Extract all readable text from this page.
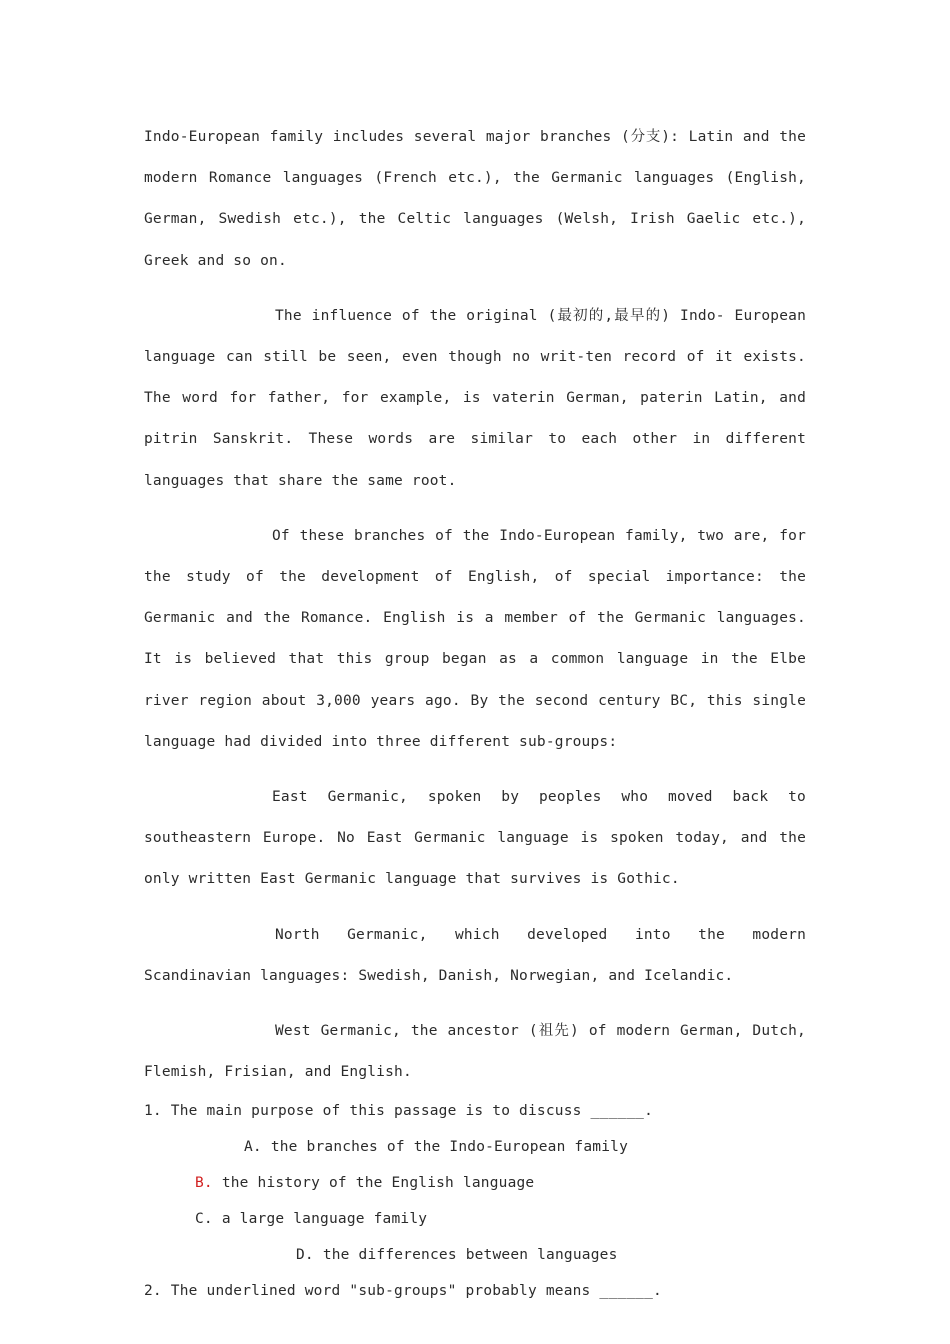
Indo-European family includes several major branches (分支): Latin and the modern Romance languages (French etc.), the Germanic languages (English, German, Swedish etc.), the Celtic languages (Welsh, Irish Gaelic etc.), Greek and so on.

The influence of the original (最初的,最早的) Indo- European language can still be seen, even though no writ-ten record of it exists. The word for father, for example, is vaterin German, paterin Latin, and pitrin Sanskrit. These words are similar to each other in different languages that share the same root.

Of these branches of the Indo-European family, two are, for the study of the development of English, of special importance: the Germanic and the Romance. English is a member of the Germanic languages. It is believed that this group began as a common language in the Elbe river region about 3,000 years ago. By the second century BC, this single language had divided into three different sub-groups:

East Germanic, spoken by peoples who moved back to southeastern Europe. No East Germanic language is spoken today, and the only written East Germanic language that survives is Gothic.

North Germanic, which developed into the modern Scandinavian languages: Swedish, Danish, Norwegian, and Icelandic.

West Germanic, the ancestor (祖先) of modern German, Dutch, Flemish, Frisian, and English.

1. The main purpose of this passage is to discuss ______.

A. the branches of the Indo-European family

B. the history of the English language

C. a large language family

D. the differences between languages

2. The underlined word "sub-groups" probably means ______.
